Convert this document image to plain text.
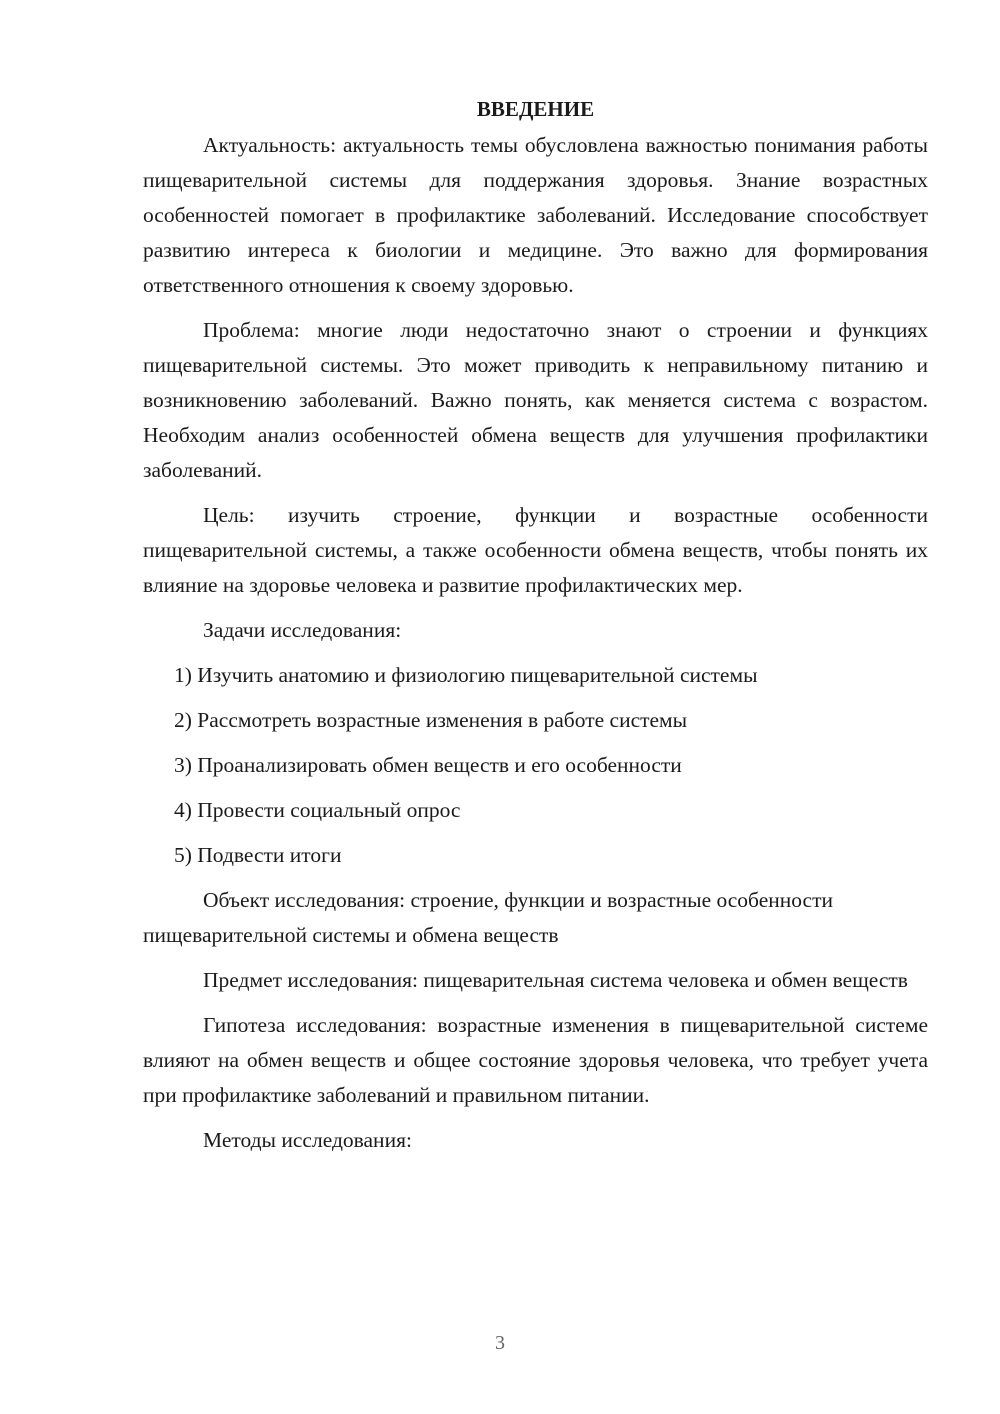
ВВЕДЕНИЕ

Актуальность: актуальность темы обусловлена важностью понимания работы пищеварительной системы для поддержания здоровья. Знание возрастных особенностей помогает в профилактике заболеваний. Исследование способствует развитию интереса к биологии и медицине. Это важно для формирования ответственного отношения к своему здоровью.

Проблема: многие люди недостаточно знают о строении и функциях пищеварительной системы. Это может приводить к неправильному питанию и возникновению заболеваний. Важно понять, как меняется система с возрастом. Необходим анализ особенностей обмена веществ для улучшения профилактики заболеваний.

Цель: изучить строение, функции и возрастные особенности пищеварительной системы, а также особенности обмена веществ, чтобы понять их влияние на здоровье человека и развитие профилактических мер.

Задачи исследования:

1) Изучить анатомию и физиологию пищеварительной системы
2) Рассмотреть возрастные изменения в работе системы
3) Проанализировать обмен веществ и его особенности
4) Провести социальный опрос
5) Подвести итоги

Объект исследования: строение, функции и возрастные особенности пищеварительной системы и обмена веществ

Предмет исследования: пищеварительная система человека и обмен веществ

Гипотеза исследования: возрастные изменения в пищеварительной системе влияют на обмен веществ и общее состояние здоровья человека, что требует учета при профилактике заболеваний и правильном питании.

Методы исследования:

3
